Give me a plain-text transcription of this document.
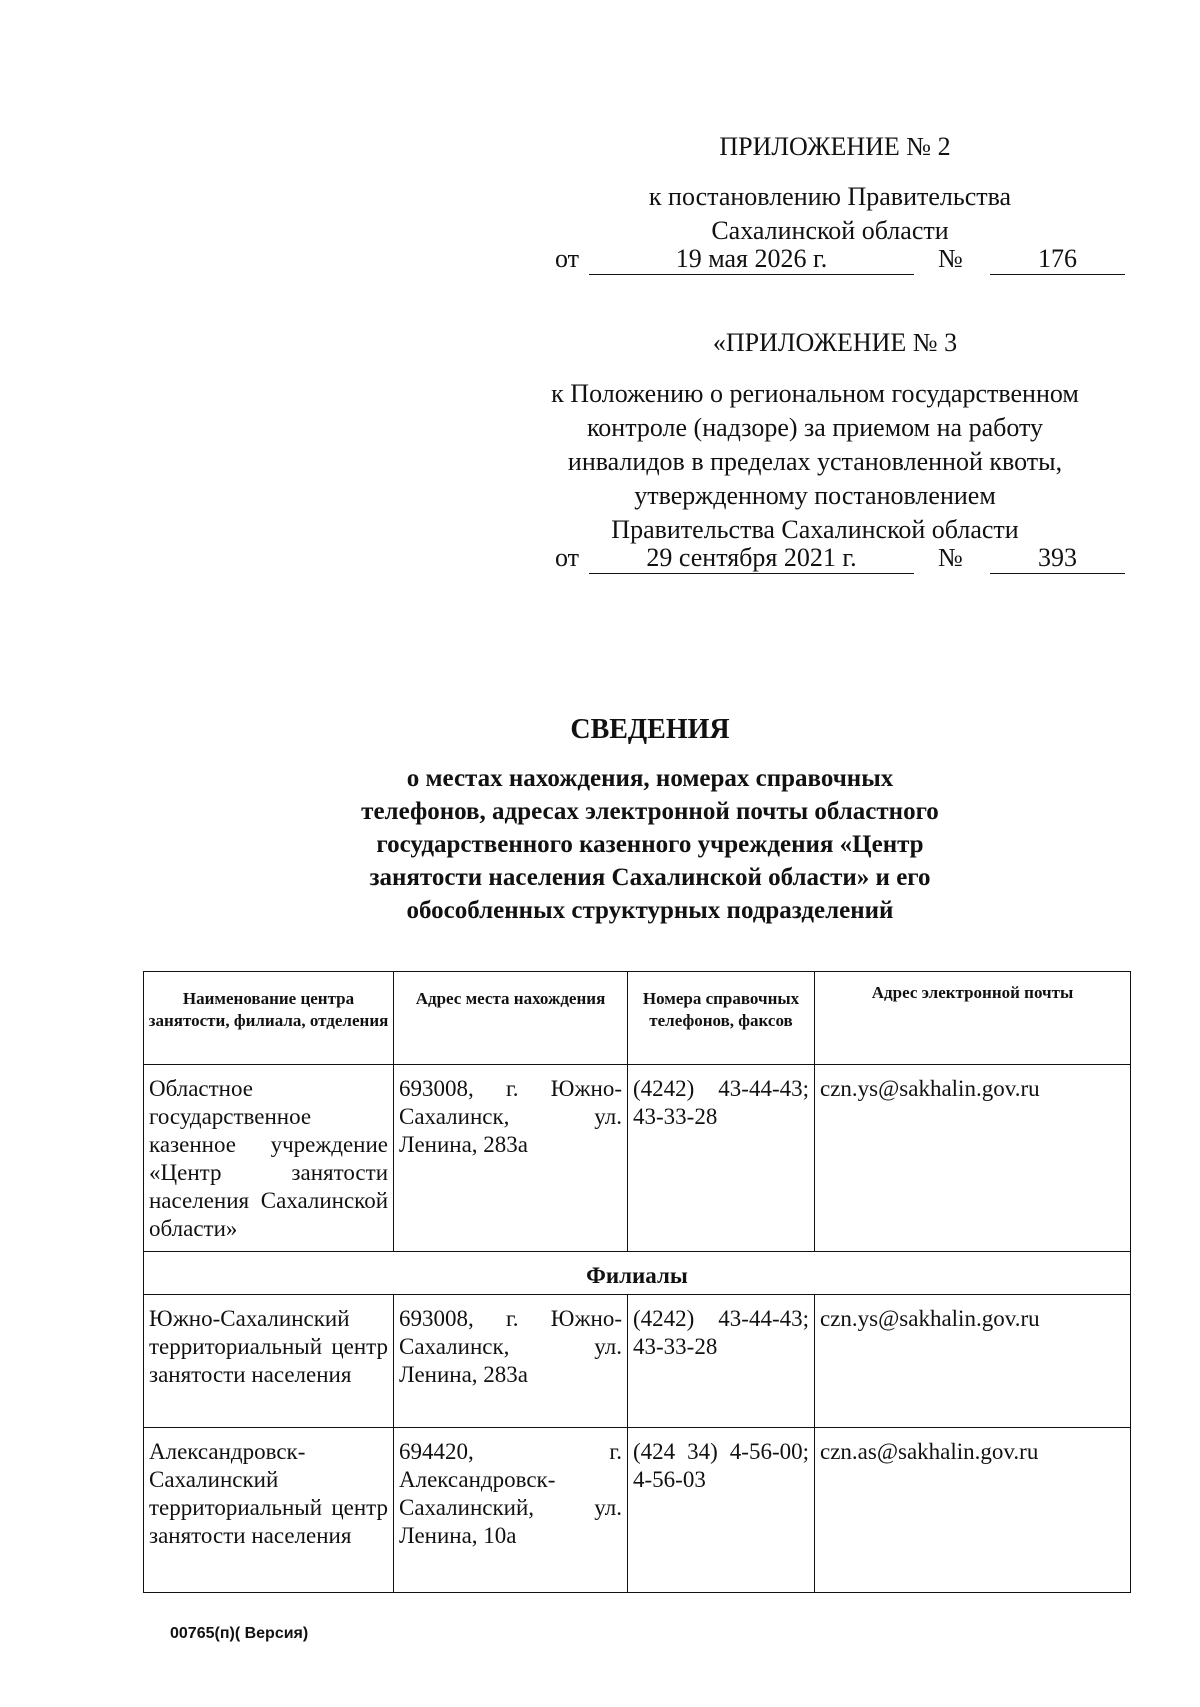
ПРИЛОЖЕНИЕ № 2
к постановлению Правительства
Сахалинской области
от	19 мая 2026 г.	№	176
«ПРИЛОЖЕНИЕ № 3
к Положению о региональном государственном
контроле (надзоре) за приемом на работу
инвалидов в пределах установленной квоты,
утвержденному постановлением
Правительства Сахалинской области
от	29 сентября 2021 г.	№	393
СВЕДЕНИЯ
о местах нахождения, номерах справочных
телефонов, адресах электронной почты областного
государственного казенного учреждения «Центр
занятости населения Сахалинской области» и его
обособленных структурных подразделений
Наименование центра занятости, филиала, отделения	Адрес места нахождения	Номера справочных телефонов, факсов	Адрес электронной почты
Областное государственное казенное учреждение «Центр занятости населения Сахалинской области»	693008, г. Южно-Сахалинск, ул. Ленина, 283а	(4242) 43-44-43; 43-33-28	czn.ys@sakhalin.gov.ru
Филиалы			
Южно-Сахалинский территориальный центр занятости населения	693008, г. Южно-Сахалинск, ул. Ленина, 283а	(4242) 43-44-43; 43-33-28	czn.ys@sakhalin.gov.ru
Александровск-Сахалинский территориальный центр занятости населения	694420, г. Александровск-Сахалинский, ул. Ленина, 10а	(424 34) 4-56-00; 4-56-03	czn.as@sakhalin.gov.ru
00765(п)( Версия)
